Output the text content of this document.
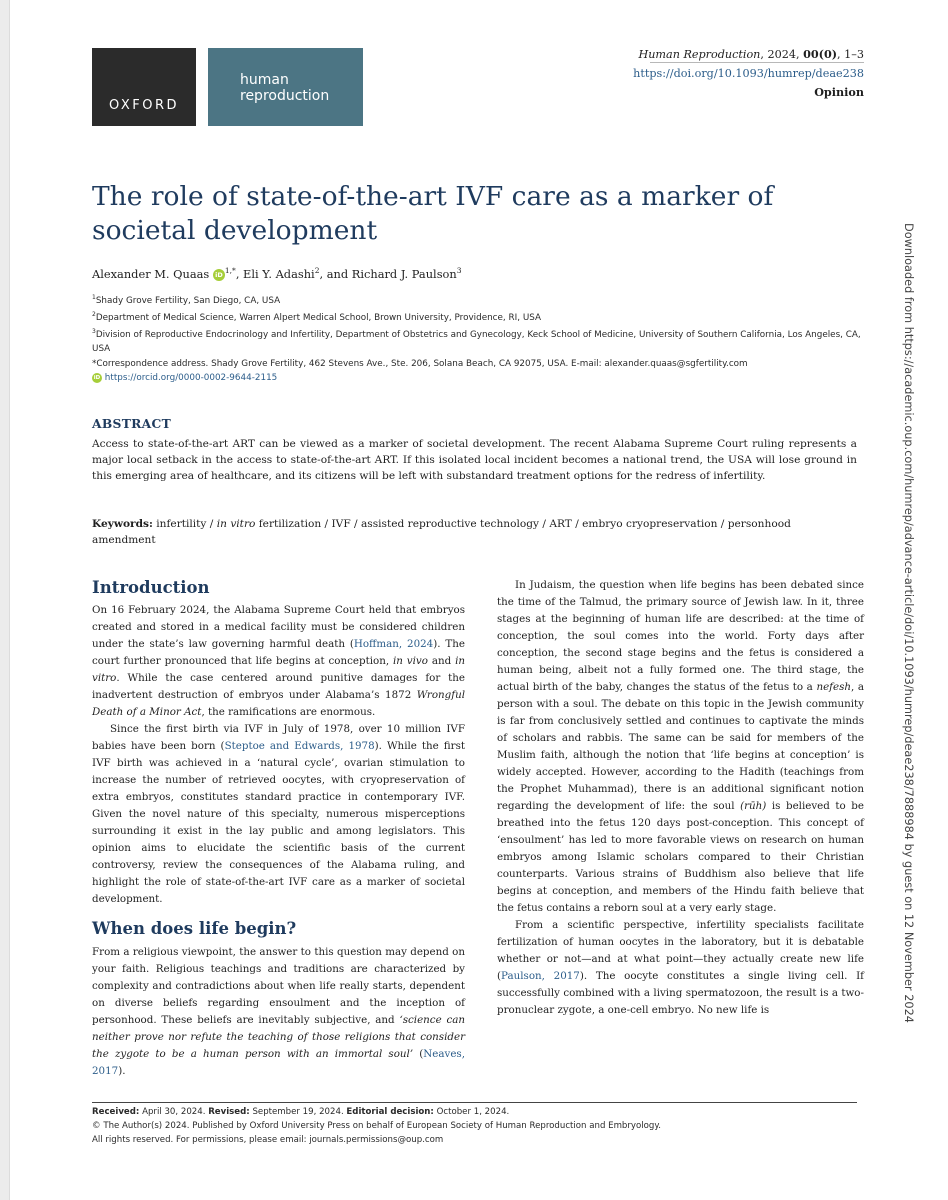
OXFORD
human
reproduction
Human Reproduction, 2024, 00(0), 1–3
https://doi.org/10.1093/humrep/deae238
Opinion
The role of state-of-the-art IVF care as a marker of societal development
Alexander M. Quaas iD $^{1,*}$, Eli Y. Adashi$^2$, and Richard J. Paulson$^3$

$^1$Shady Grove Fertility, San Diego, CA, USA

$^2$Department of Medical Science, Warren Alpert Medical School, Brown University, Providence, RI, USA

$^3$Division of Reproductive Endocrinology and Infertility, Department of Obstetrics and Gynecology, Keck School of Medicine, University of Southern California, Los Angeles, CA, USA

*Correspondence address. Shady Grove Fertility, 462 Stevens Ave., Ste. 206, Solana Beach, CA 92075, USA. E-mail: alexander.quaas@sgfertility.com

iD https://orcid.org/0000-0002-9644-2115

ABSTRACT

Access to state-of-the-art ART can be viewed as a marker of societal development. The recent Alabama Supreme Court ruling represents a major local setback in the access to state-of-the-art ART. If this isolated local incident becomes a national trend, the USA will lose ground in this emerging area of healthcare, and its citizens will be left with substandard treatment options for the redress of infertility.

Keywords: infertility / in vitro fertilization / IVF / assisted reproductive technology / ART / embryo cryopreservation / personhood amendment

Introduction

On 16 February 2024, the Alabama Supreme Court held that embryos created and stored in a medical facility must be considered children under the state’s law governing harmful death (Hoffman, 2024). The court further pronounced that life begins at conception, in vivo and in vitro. While the case centered around punitive damages for the inadvertent destruction of embryos under Alabama’s 1872 Wrongful Death of a Minor Act, the ramifications are enormous.

Since the first birth via IVF in July of 1978, over 10 million IVF babies have been born (Steptoe and Edwards, 1978). While the first IVF birth was achieved in a ‘natural cycle’, ovarian stimulation to increase the number of retrieved oocytes, with cryopreservation of extra embryos, constitutes standard practice in contemporary IVF. Given the novel nature of this specialty, numerous misperceptions surrounding it exist in the lay public and among legislators. This opinion aims to elucidate the scientific basis of the current controversy, review the consequences of the Alabama ruling, and highlight the role of state-of-the-art IVF care as a marker of societal development.

When does life begin?

From a religious viewpoint, the answer to this question may depend on your faith. Religious teachings and traditions are characterized by complexity and contradictions about when life really starts, dependent on diverse beliefs regarding ensoulment and the inception of personhood. These beliefs are inevitably subjective, and ‘science can neither prove nor refute the teaching of those religions that consider the zygote to be a human person with an immortal soul’ (Neaves, 2017).

In Judaism, the question when life begins has been debated since the time of the Talmud, the primary source of Jewish law. In it, three stages at the beginning of human life are described: at the time of conception, the soul comes into the world. Forty days after conception, the second stage begins and the fetus is considered a human being, albeit not a fully formed one. The third stage, the actual birth of the baby, changes the status of the fetus to a nefesh, a person with a soul. The debate on this topic in the Jewish community is far from conclusively settled and continues to captivate the minds of scholars and rabbis. The same can be said for members of the Muslim faith, although the notion that ‘life begins at conception’ is widely accepted. However, according to the Hadith (teachings from the Prophet Muhammad), there is an additional significant notion regarding the development of life: the soul (rūh) is believed to be breathed into the fetus 120 days post-conception. This concept of ‘ensoulment’ has led to more favorable views on research on human embryos among Islamic scholars compared to their Christian counterparts. Various strains of Buddhism also believe that life begins at conception, and members of the Hindu faith believe that the fetus contains a reborn soul at a very early stage.

From a scientific perspective, infertility specialists facilitate fertilization of human oocytes in the laboratory, but it is debatable whether or not—and at what point—they actually create new life (Paulson, 2017). The oocyte constitutes a single living cell. If successfully combined with a living spermatozoon, the result is a two-pronuclear zygote, a one-cell embryo. No new life is

Received: April 30, 2024. Revised: September 19, 2024. Editorial decision: October 1, 2024.

© The Author(s) 2024. Published by Oxford University Press on behalf of European Society of Human Reproduction and Embryology.

All rights reserved. For permissions, please email: journals.permissions@oup.com

Downloaded from https://academic.oup.com/humrep/advance-article/doi/10.1093/humrep/deae238/7888984 by guest on 12 November 2024
